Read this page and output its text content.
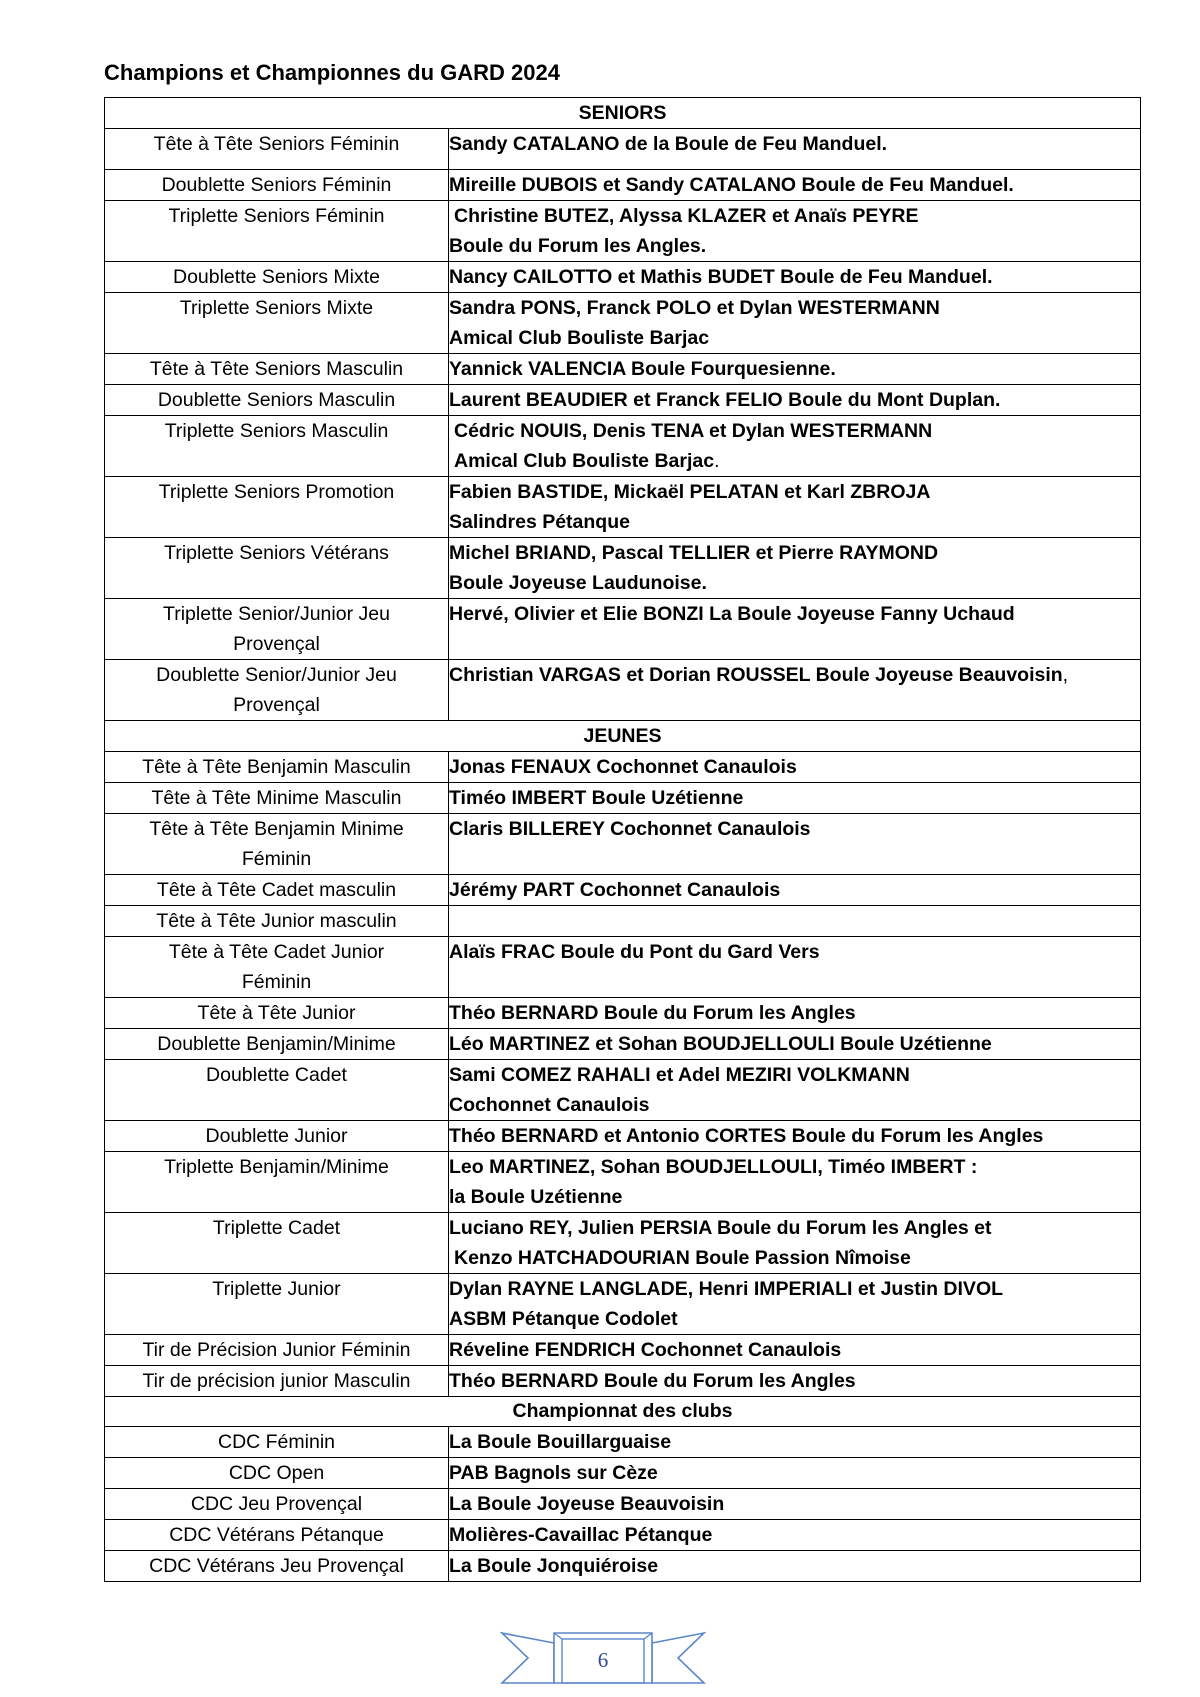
Champions et Championnes du GARD 2024
SENIORS	
Tête à Tête Seniors Féminin	Sandy CATALANO de la Boule de Feu Manduel.
Doublette Seniors Féminin	Mireille DUBOIS et Sandy CATALANO Boule de Feu Manduel.
Triplette Seniors Féminin	Christine BUTEZ, Alyssa KLAZER et Anaïs PEYRE
Boule du Forum les Angles.

Doublette Seniors Mixte	Nancy CAILOTTO et Mathis BUDET Boule de Feu Manduel.
Triplette Seniors Mixte	Sandra PONS, Franck POLO et Dylan WESTERMANN
Amical Club Bouliste Barjac

Tête à Tête Seniors Masculin	Yannick VALENCIA Boule Fourquesienne.
Doublette Seniors Masculin	Laurent BEAUDIER et Franck FELIO Boule du Mont Duplan.
Triplette Seniors Masculin	Cédric NOUIS, Denis TENA et Dylan WESTERMANN
Amical Club Bouliste Barjac.

Triplette Seniors Promotion	Fabien BASTIDE, Mickaël PELATAN et Karl ZBROJA
Salindres Pétanque

Triplette Seniors Vétérans	Michel BRIAND, Pascal TELLIER et Pierre RAYMOND
Boule Joyeuse Laudunoise.

Triplette Senior/Junior Jeu
Provençal	Hervé, Olivier et Elie BONZI La Boule Joyeuse Fanny Uchaud

Doublette Senior/Junior Jeu
Provençal	Christian VARGAS et Dorian ROUSSEL Boule Joyeuse Beauvoisin,
JEUNES	
Tête à Tête Benjamin Masculin	Jonas FENAUX Cochonnet Canaulois
Tête à Tête Minime Masculin	Timéo IMBERT Boule Uzétienne

Tête à Tête Benjamin Minime
Féminin	Claris BILLEREY Cochonnet Canaulois
Tête à Tête Cadet masculin	Jérémy PART Cochonnet Canaulois
Tête à Tête Junior masculin	

Tête à Tête Cadet Junior
Féminin	Alaïs FRAC Boule du Pont du Gard Vers
Tête à Tête Junior	Théo BERNARD Boule du Forum les Angles
Doublette Benjamin/Minime	Léo MARTINEZ et Sohan BOUDJELLOULI Boule Uzétienne
Doublette Cadet	Sami COMEZ RAHALI et Adel MEZIRI VOLKMANN
Cochonnet Canaulois

Doublette Junior	Théo BERNARD et Antonio CORTES Boule du Forum les Angles
Triplette Benjamin/Minime	Leo MARTINEZ, Sohan BOUDJELLOULI, Timéo IMBERT :
la Boule Uzétienne

Triplette Cadet	Luciano REY, Julien PERSIA Boule du Forum les Angles et
Kenzo HATCHADOURIAN Boule Passion Nîmoise

Triplette Junior	Dylan RAYNE LANGLADE, Henri IMPERIALI et Justin DIVOL
ASBM Pétanque Codolet

Tir de Précision Junior Féminin	Réveline FENDRICH Cochonnet Canaulois
Tir de précision junior Masculin	Théo BERNARD Boule du Forum les Angles
Championnat des clubs	
CDC Féminin	La Boule Bouillarguaise
CDC Open	PAB Bagnols sur Cèze
CDC Jeu Provençal	La Boule Joyeuse Beauvoisin
CDC Vétérans Pétanque	Molières-Cavaillac Pétanque
CDC Vétérans Jeu Provençal	La Boule Jonquiéroise
6
